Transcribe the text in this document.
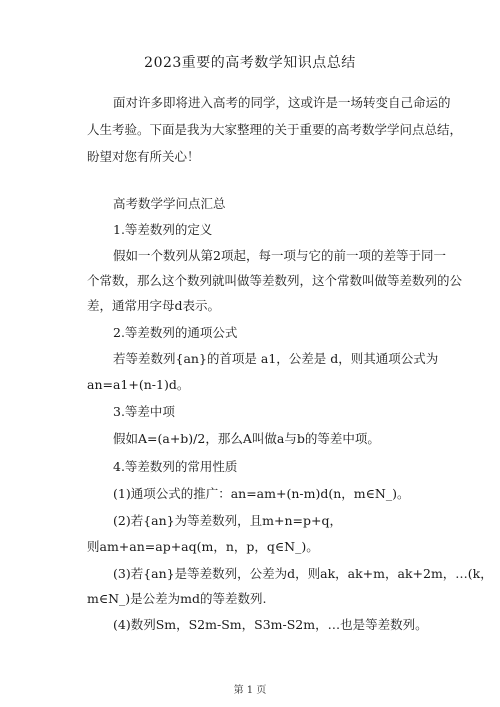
2023重要的高考数学知识点总结

面对许多即将进入高考的同学，这或许是一场转变自己命运的

人生考验。下面是我为大家整理的关于重要的高考数学学问点总结，

盼望对您有所关心！

高考数学学问点汇总

1.等差数列的定义

假如一个数列从第2项起，每一项与它的前一项的差等于同一

个常数，那么这个数列就叫做等差数列，这个常数叫做等差数列的公

差，通常用字母d表示。

2.等差数列的通项公式

若等差数列{an}的首项是 a1，公差是 d，则其通项公式为

an=a1+(n-1)d。

3.等差中项

假如A=(a+b)/2，那么A叫做a与b的等差中项。

4.等差数列的常用性质

(1)通项公式的推广：an=am+(n-m)d(n，m∈N_)。

(2)若{an}为等差数列，且m+n=p+q，

则am+an=ap+aq(m，n，p，q∈N_)。

(3)若{an}是等差数列，公差为d，则ak，ak+m，ak+2m，…(k，

m∈N_)是公差为md的等差数列.

(4)数列Sm，S2m-Sm，S3m-S2m，…也是等差数列。

第 1 页
